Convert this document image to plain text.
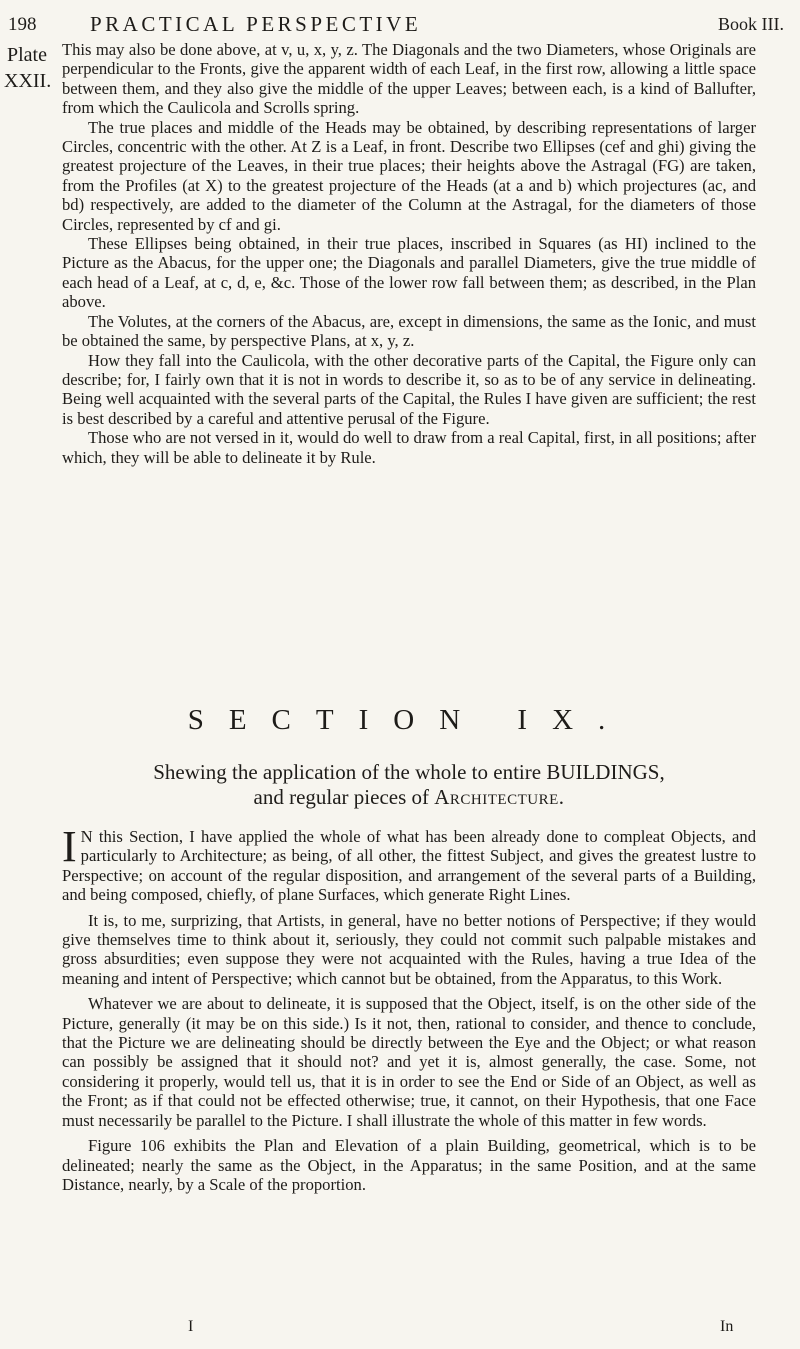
198	PRACTICAL PERSPECTIVE	Book III.
Plate
XXII.

This may also be done above, at v, u, x, y, z. The Diagonals and the two Diameters, whose Originals are perpendicular to the Fronts, give the apparent width of each Leaf, in the first row, allowing a little space between them, and they also give the middle of the upper Leaves; between each, is a kind of Ballufter, from which the Caulicola and Scrolls spring.

The true places and middle of the Heads may be obtained, by describing representations of larger Circles, concentric with the other. At Z is a Leaf, in front. Describe two Ellipses (cef and ghi) giving the greatest projecture of the Leaves, in their true places; their heights above the Astragal (FG) are taken, from the Profiles (at X) to the greatest projecture of the Heads (at a and b) which projectures (ac, and bd) respectively, are added to the diameter of the Column at the Astragal, for the diameters of those Circles, represented by cf and gi.

These Ellipses being obtained, in their true places, inscribed in Squares (as HI) inclined to the Picture as the Abacus, for the upper one; the Diagonals and parallel Diameters, give the true middle of each head of a Leaf, at c, d, e, &c. Those of the lower row fall between them; as described, in the Plan above.

The Volutes, at the corners of the Abacus, are, except in dimensions, the same as the Ionic, and must be obtained the same, by perspective Plans, at x, y, z.

How they fall into the Caulicola, with the other decorative parts of the Capital, the Figure only can describe; for, I fairly own that it is not in words to describe it, so as to be of any service in delineating. Being well acquainted with the several parts of the Capital, the Rules I have given are sufficient; the rest is best described by a careful and attentive perusal of the Figure.

Those who are not versed in it, would do well to draw from a real Capital, first, in all positions; after which, they will be able to delineate it by Rule.

SECTION IX.
Shewing the application of the whole to entire BUILDINGS,
and regular pieces of Architecture.

I N this Section, I have applied the whole of what has been already done to compleat Objects, and particularly to Architecture; as being, of all other, the fittest Subject, and gives the greatest lustre to Perspective; on account of the regular disposition, and arrangement of the several parts of a Building, and being composed, chiefly, of plane Surfaces, which generate Right Lines.

It is, to me, surprizing, that Artists, in general, have no better notions of Perspective; if they would give themselves time to think about it, seriously, they could not commit such palpable mistakes and gross absurdities; even suppose they were not acquainted with the Rules, having a true Idea of the meaning and intent of Perspective; which cannot but be obtained, from the Apparatus, to this Work.

Whatever we are about to delineate, it is supposed that the Object, itself, is on the other side of the Picture, generally (it may be on this side.) Is it not, then, rational to consider, and thence to conclude, that the Picture we are delineating should be directly between the Eye and the Object; or what reason can possibly be assigned that it should not? and yet it is, almost generally, the case. Some, not considering it properly, would tell us, that it is in order to see the End or Side of an Object, as well as the Front; as if that could not be effected otherwise; true, it cannot, on their Hypothesis, that one Face must necessarily be parallel to the Picture. I shall illustrate the whole of this matter in few words.

Figure 106 exhibits the Plan and Elevation of a plain Building, geometrical, which is to be delineated; nearly the same as the Object, in the Apparatus; in the same Position, and at the same Distance, nearly, by a Scale of the proportion.

I	In
